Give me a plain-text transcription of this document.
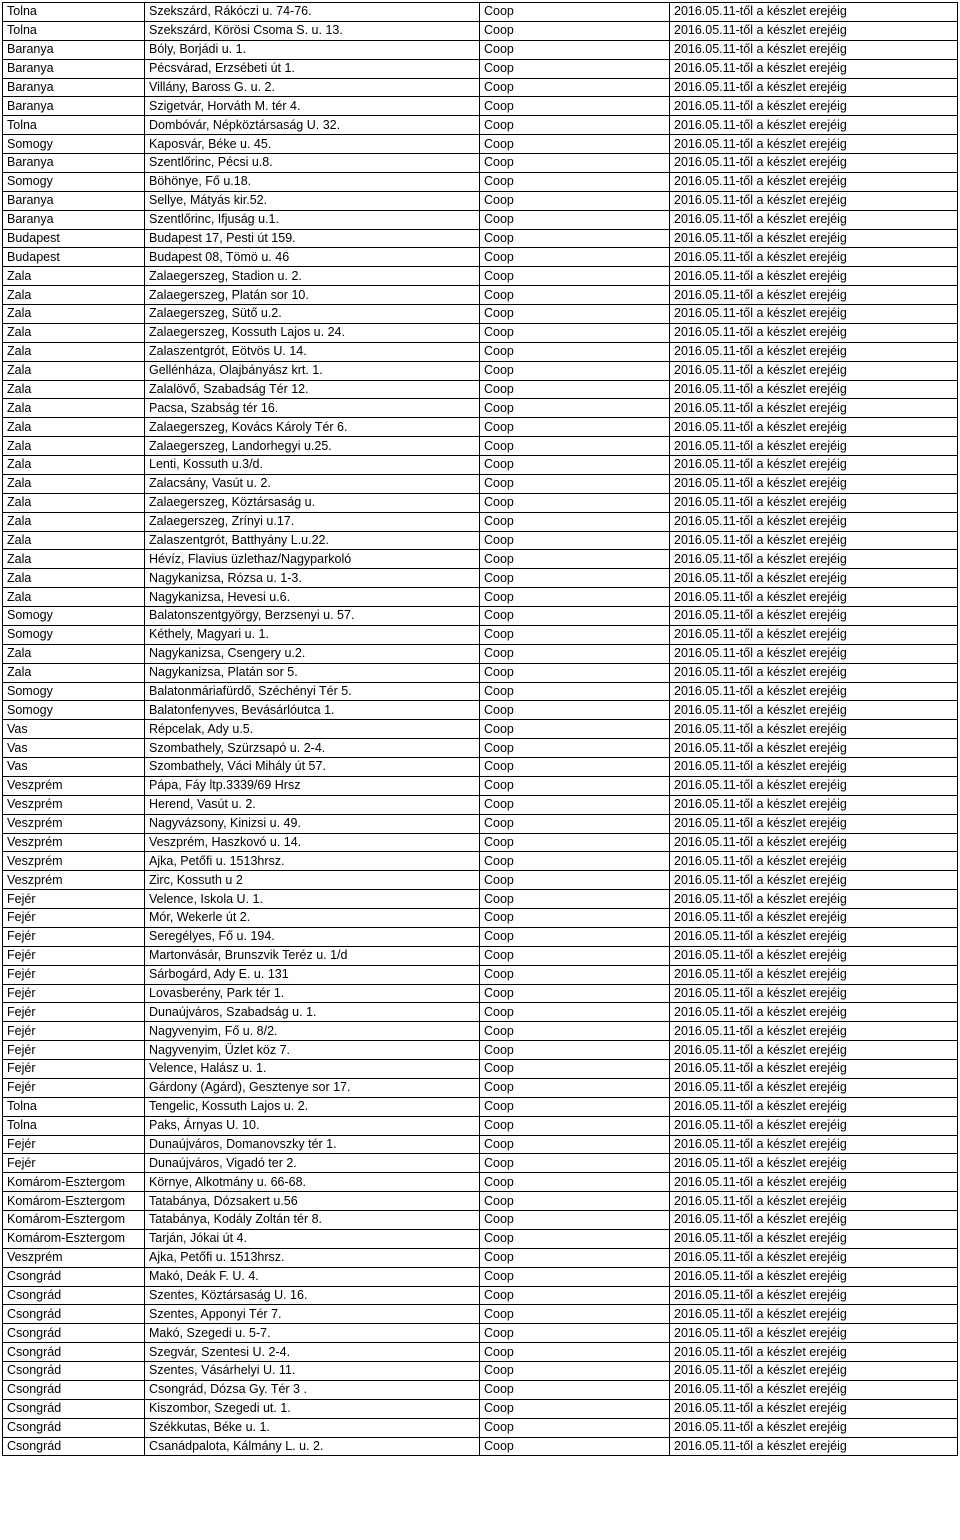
Tolna	Szekszárd, Rákóczi u. 74-76.	Coop	2016.05.11-től a készlet erejéig
Tolna	Szekszárd, Körösi Csoma S. u. 13.	Coop	2016.05.11-től a készlet erejéig
Baranya	Bóly, Borjádi u. 1.	Coop	2016.05.11-től a készlet erejéig
Baranya	Pécsvárad, Erzsébeti út 1.	Coop	2016.05.11-től a készlet erejéig
Baranya	Villány, Baross G. u. 2.	Coop	2016.05.11-től a készlet erejéig
Baranya	Szigetvár, Horváth M. tér 4.	Coop	2016.05.11-től a készlet erejéig
Tolna	Dombóvár, Népköztársaság U. 32.	Coop	2016.05.11-től a készlet erejéig
Somogy	Kaposvár, Béke u. 45.	Coop	2016.05.11-től a készlet erejéig
Baranya	Szentlőrinc, Pécsi u.8.	Coop	2016.05.11-től a készlet erejéig
Somogy	Böhönye, Fő u.18.	Coop	2016.05.11-től a készlet erejéig
Baranya	Sellye, Mátyás kir.52.	Coop	2016.05.11-től a készlet erejéig
Baranya	Szentlőrinc, Ifjuság u.1.	Coop	2016.05.11-től a készlet erejéig
Budapest	Budapest 17, Pesti út 159.	Coop	2016.05.11-től a készlet erejéig
Budapest	Budapest 08, Tömö u. 46	Coop	2016.05.11-től a készlet erejéig
Zala	Zalaegerszeg, Stadion u. 2.	Coop	2016.05.11-től a készlet erejéig
Zala	Zalaegerszeg, Platán sor 10.	Coop	2016.05.11-től a készlet erejéig
Zala	Zalaegerszeg, Sütő u.2.	Coop	2016.05.11-től a készlet erejéig
Zala	Zalaegerszeg, Kossuth Lajos u. 24.	Coop	2016.05.11-től a készlet erejéig
Zala	Zalaszentgrót, Eötvös U. 14.	Coop	2016.05.11-től a készlet erejéig
Zala	Gellénháza, Olajbányász krt. 1.	Coop	2016.05.11-től a készlet erejéig
Zala	Zalalövő, Szabadság Tér 12.	Coop	2016.05.11-től a készlet erejéig
Zala	Pacsa, Szabság tér 16.	Coop	2016.05.11-től a készlet erejéig
Zala	Zalaegerszeg, Kovács Károly Tér 6.	Coop	2016.05.11-től a készlet erejéig
Zala	Zalaegerszeg, Landorhegyi u.25.	Coop	2016.05.11-től a készlet erejéig
Zala	Lenti, Kossuth u.3/d.	Coop	2016.05.11-től a készlet erejéig
Zala	Zalacsány, Vasút u. 2.	Coop	2016.05.11-től a készlet erejéig
Zala	Zalaegerszeg, Köztársaság u.	Coop	2016.05.11-től a készlet erejéig
Zala	Zalaegerszeg, Zrínyi u.17.	Coop	2016.05.11-től a készlet erejéig
Zala	Zalaszentgrót, Batthyány L.u.22.	Coop	2016.05.11-től a készlet erejéig
Zala	Hévíz, Flavius üzlethaz/Nagyparkoló	Coop	2016.05.11-től a készlet erejéig
Zala	Nagykanizsa, Rózsa u. 1-3.	Coop	2016.05.11-től a készlet erejéig
Zala	Nagykanizsa, Hevesi u.6.	Coop	2016.05.11-től a készlet erejéig
Somogy	Balatonszentgyörgy, Berzsenyi u. 57.	Coop	2016.05.11-től a készlet erejéig
Somogy	Kéthely, Magyari u. 1.	Coop	2016.05.11-től a készlet erejéig
Zala	Nagykanizsa, Csengery u.2.	Coop	2016.05.11-től a készlet erejéig
Zala	Nagykanizsa, Platán sor 5.	Coop	2016.05.11-től a készlet erejéig
Somogy	Balatonmáriafürdő, Széchényi Tér 5.	Coop	2016.05.11-től a készlet erejéig
Somogy	Balatonfenyves, Bevásárlóutca 1.	Coop	2016.05.11-től a készlet erejéig
Vas	Répcelak, Ady u.5.	Coop	2016.05.11-től a készlet erejéig
Vas	Szombathely, Szürzsapó u. 2-4.	Coop	2016.05.11-től a készlet erejéig
Vas	Szombathely, Váci Mihály út 57.	Coop	2016.05.11-től a készlet erejéig
Veszprém	Pápa, Fáy ltp.3339/69 Hrsz	Coop	2016.05.11-től a készlet erejéig
Veszprém	Herend, Vasút u. 2.	Coop	2016.05.11-től a készlet erejéig
Veszprém	Nagyvázsony, Kinizsi u. 49.	Coop	2016.05.11-től a készlet erejéig
Veszprém	Veszprém, Haszkovó u. 14.	Coop	2016.05.11-től a készlet erejéig
Veszprém	Ajka, Petőfi u. 1513hrsz.	Coop	2016.05.11-től a készlet erejéig
Veszprém	Zirc, Kossuth u 2	Coop	2016.05.11-től a készlet erejéig
Fejér	Velence, Iskola U. 1.	Coop	2016.05.11-től a készlet erejéig
Fejér	Mór, Wekerle út 2.	Coop	2016.05.11-től a készlet erejéig
Fejér	Seregélyes, Fő u. 194.	Coop	2016.05.11-től a készlet erejéig
Fejér	Martonvásár, Brunszvik Teréz u. 1/d	Coop	2016.05.11-től a készlet erejéig
Fejér	Sárbogárd, Ady E. u. 131	Coop	2016.05.11-től a készlet erejéig
Fejér	Lovasberény, Park tér 1.	Coop	2016.05.11-től a készlet erejéig
Fejér	Dunaújváros, Szabadság u. 1.	Coop	2016.05.11-től a készlet erejéig
Fejér	Nagyvenyim, Fő u. 8/2.	Coop	2016.05.11-től a készlet erejéig
Fejér	Nagyvenyim, Üzlet köz 7.	Coop	2016.05.11-től a készlet erejéig
Fejér	Velence, Halász u. 1.	Coop	2016.05.11-től a készlet erejéig
Fejér	Gárdony (Agárd), Gesztenye sor 17.	Coop	2016.05.11-től a készlet erejéig
Tolna	Tengelic, Kossuth Lajos u. 2.	Coop	2016.05.11-től a készlet erejéig
Tolna	Paks, Árnyas U. 10.	Coop	2016.05.11-től a készlet erejéig
Fejér	Dunaújváros, Domanovszky tér 1.	Coop	2016.05.11-től a készlet erejéig
Fejér	Dunaújváros, Vigadó ter 2.	Coop	2016.05.11-től a készlet erejéig
Komárom-Esztergom	Környe, Alkotmány u. 66-68.	Coop	2016.05.11-től a készlet erejéig
Komárom-Esztergom	Tatabánya, Dózsakert u.56	Coop	2016.05.11-től a készlet erejéig
Komárom-Esztergom	Tatabánya, Kodály Zoltán tér 8.	Coop	2016.05.11-től a készlet erejéig
Komárom-Esztergom	Tarján, Jókai út 4.	Coop	2016.05.11-től a készlet erejéig
Veszprém	Ajka, Petőfi u. 1513hrsz.	Coop	2016.05.11-től a készlet erejéig
Csongrád	Makó, Deák F. U. 4.	Coop	2016.05.11-től a készlet erejéig
Csongrád	Szentes, Köztársaság U. 16.	Coop	2016.05.11-től a készlet erejéig
Csongrád	Szentes, Apponyi Tér 7.	Coop	2016.05.11-től a készlet erejéig
Csongrád	Makó, Szegedi u. 5-7.	Coop	2016.05.11-től a készlet erejéig
Csongrád	Szegvár, Szentesi U. 2-4.	Coop	2016.05.11-től a készlet erejéig
Csongrád	Szentes, Vásárhelyi U. 11.	Coop	2016.05.11-től a készlet erejéig
Csongrád	Csongrád, Dózsa Gy. Tér 3 .	Coop	2016.05.11-től a készlet erejéig
Csongrád	Kiszombor, Szegedi ut. 1.	Coop	2016.05.11-től a készlet erejéig
Csongrád	Székkutas, Béke u. 1.	Coop	2016.05.11-től a készlet erejéig
Csongrád	Csanádpalota, Kálmány L. u. 2.	Coop	2016.05.11-től a készlet erejéig
